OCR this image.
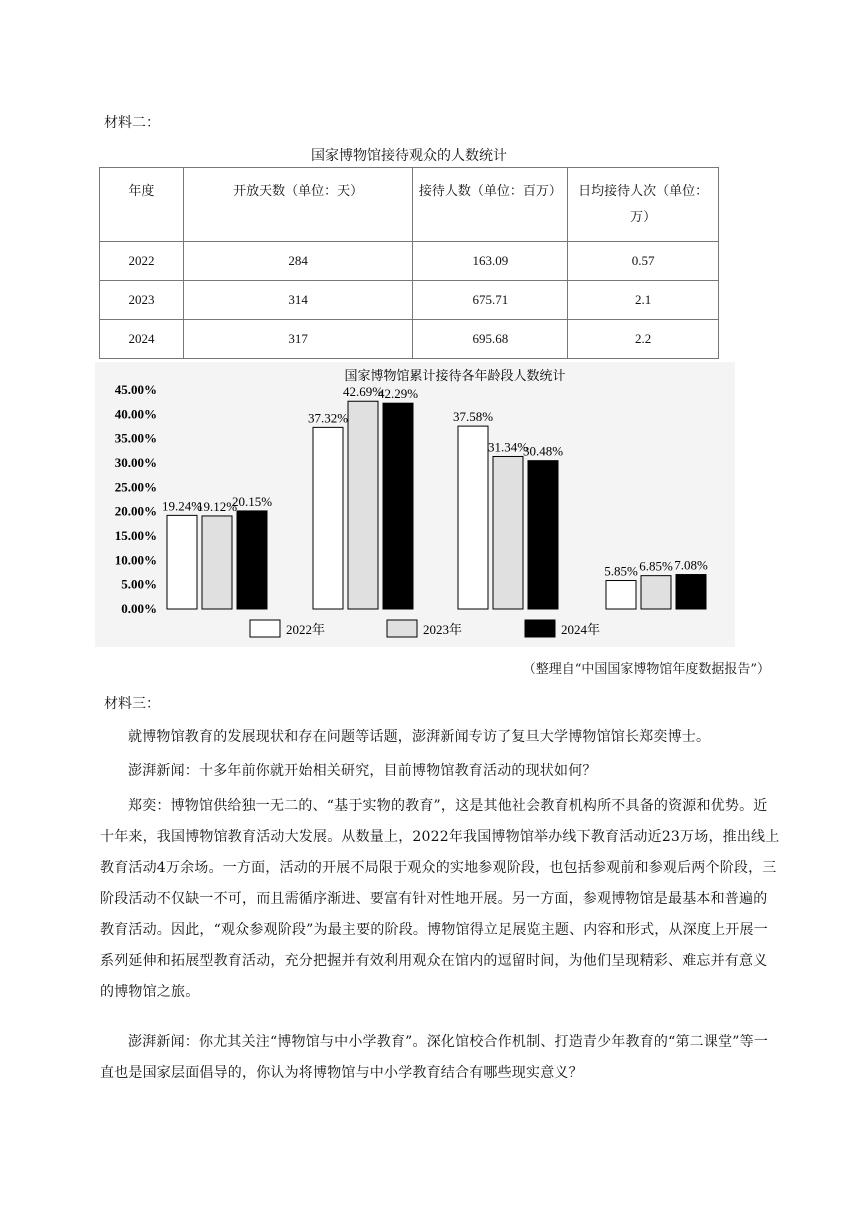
材料二：
国家博物馆接待观众的人数统计
年度	开放天数（单位：天）	接待人数（单位：百万）	日均接待人次（单位：
万）

2022	284	163.09	0.57
2023	314	675.71	2.1
2024	317	695.68	2.2
国家博物馆累计接待各年龄段人数统计
0.00%
5.00%
10.00%
15.00%
20.00%
25.00%
30.00%
35.00%
40.00%
45.00%
19.24%
37.32%	37.58%
5.85%
19.12%
42.69%
31.34%
6.85%
20.15%
42.29%
30.48%
7.08%
2022年	2023年	2024年
（整理自“中国国家博物馆年度数据报告”）
材料三：
就博物馆教育的发展现状和存在问题等话题，澎湃新闻专访了复旦大学博物馆馆长郑奕博士。
澎湃新闻：十多年前你就开始相关研究，目前博物馆教育活动的现状如何？
郑奕：博物馆供给独一无二的、“基于实物的教育”，这是其他社会教育机构所不具备的资源和优势。近十年来，我国博物馆教育活动大发展。从数量上，2022年我国博物馆举办线下教育活动近23万场，推出线上教育活动4万余场。一方面，活动的开展不局限于观众的实地参观阶段，也包括参观前和参观后两个阶段，三阶段活动不仅缺一不可，而且需循序渐进、要富有针对性地开展。另一方面，参观博物馆是最基本和普遍的教育活动。因此，“观众参观阶段”为最主要的阶段。博物馆得立足展览主题、内容和形式，从深度上开展一系列延伸和拓展型教育活动，充分把握并有效利用观众在馆内的逗留时间，为他们呈现精彩、难忘并有意义的博物馆之旅。
澎湃新闻：你尤其关注“博物馆与中小学教育”。深化馆校合作机制、打造青少年教育的“第二课堂”等一直也是国家层面倡导的，你认为将博物馆与中小学教育结合有哪些现实意义？
